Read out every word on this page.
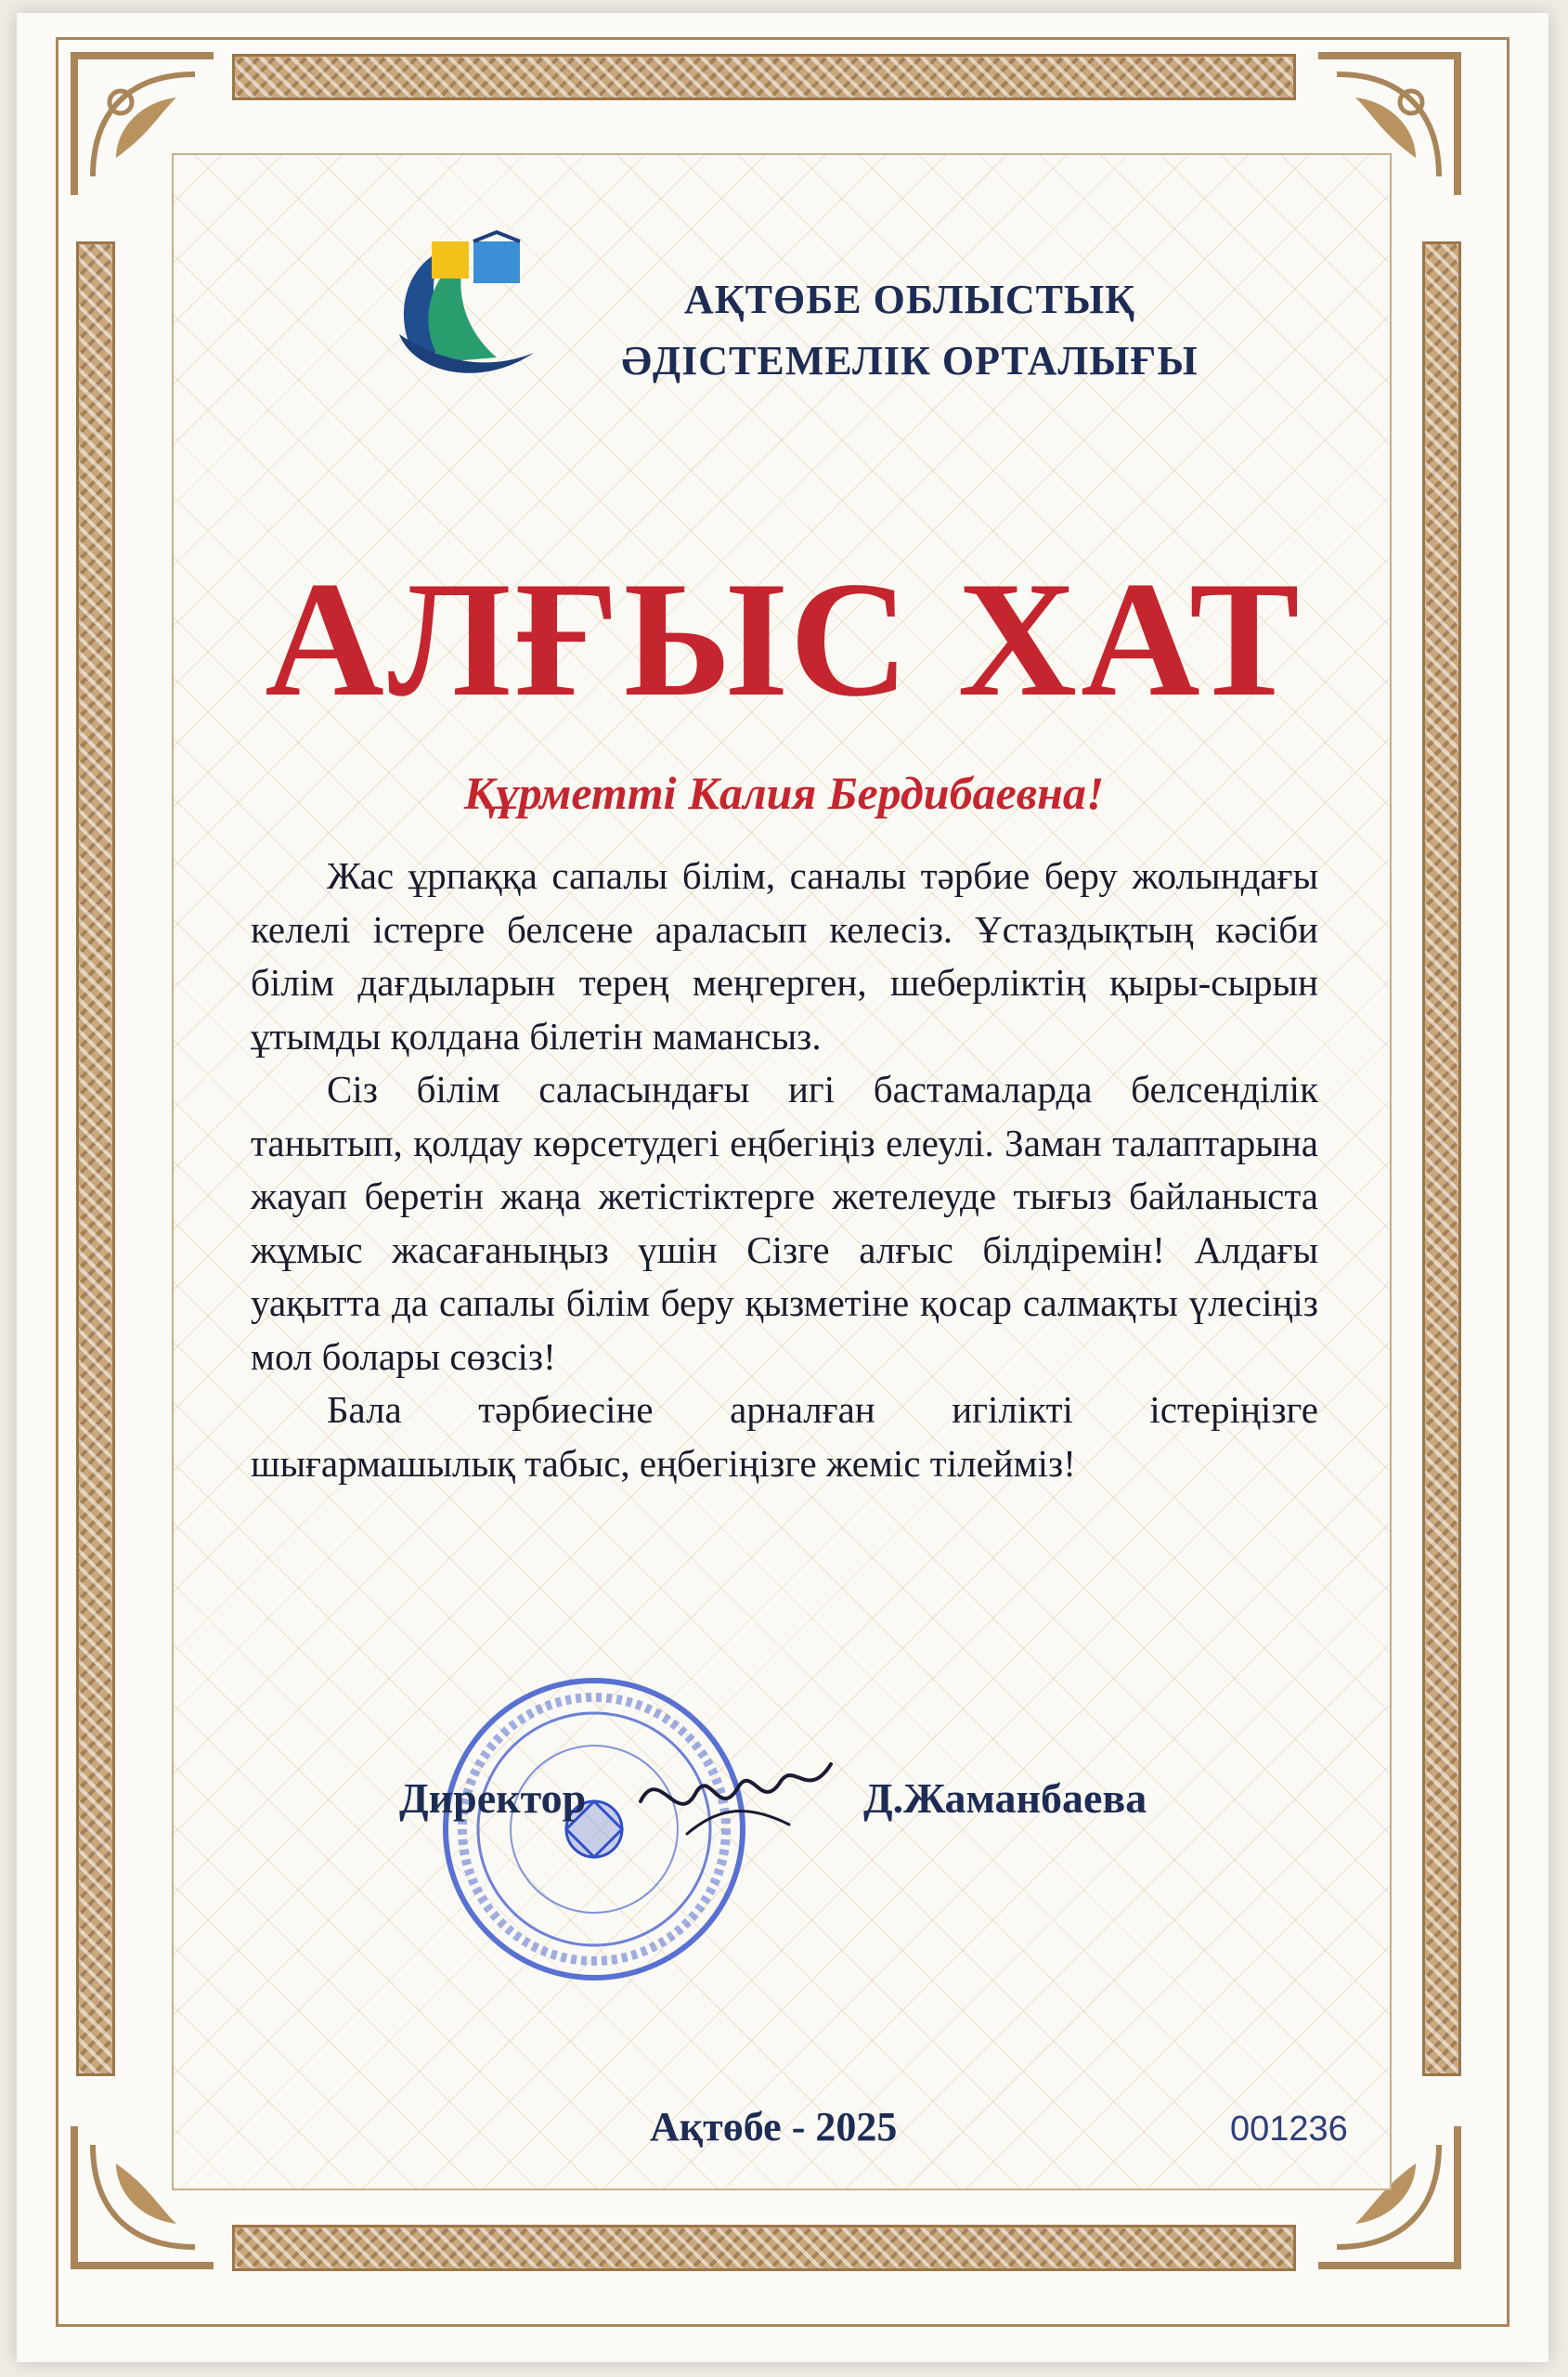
АҚТӨБЕ ОБЛЫСТЫҚ
ӘДІСТЕМЕЛІК ОРТАЛЫҒЫ
АЛҒЫС ХАТ
Құрметті Калия Бердибаевна!

Жас ұрпаққа сапалы білім, саналы тәрбие беру жолындағы келелі істерге белсене араласып келесіз. Ұстаздықтың кәсіби білім дағдыларын терең меңгерген, шеберліктің қыры-сырын ұтымды қолдана білетін мамансыз.

Сіз білім саласындағы игі бастамаларда белсенділік танытып, қолдау көрсетудегі еңбегіңіз елеулі. Заман талаптарына жауап беретін жаңа жетістіктерге жетелеуде тығыз байланыста жұмыс жасағаныңыз үшін Сізге алғыс білдіремін! Алдағы уақытта да сапалы білім беру қызметіне қосар салмақты үлесіңіз мол болары сөзсіз!

Бала тәрбиесіне арналған игілікті істеріңізге шығармашылық табыс, еңбегіңізге жеміс тілейміз!

Директор	Д.Жаманбаева
Ақтөбе - 2025	001236
